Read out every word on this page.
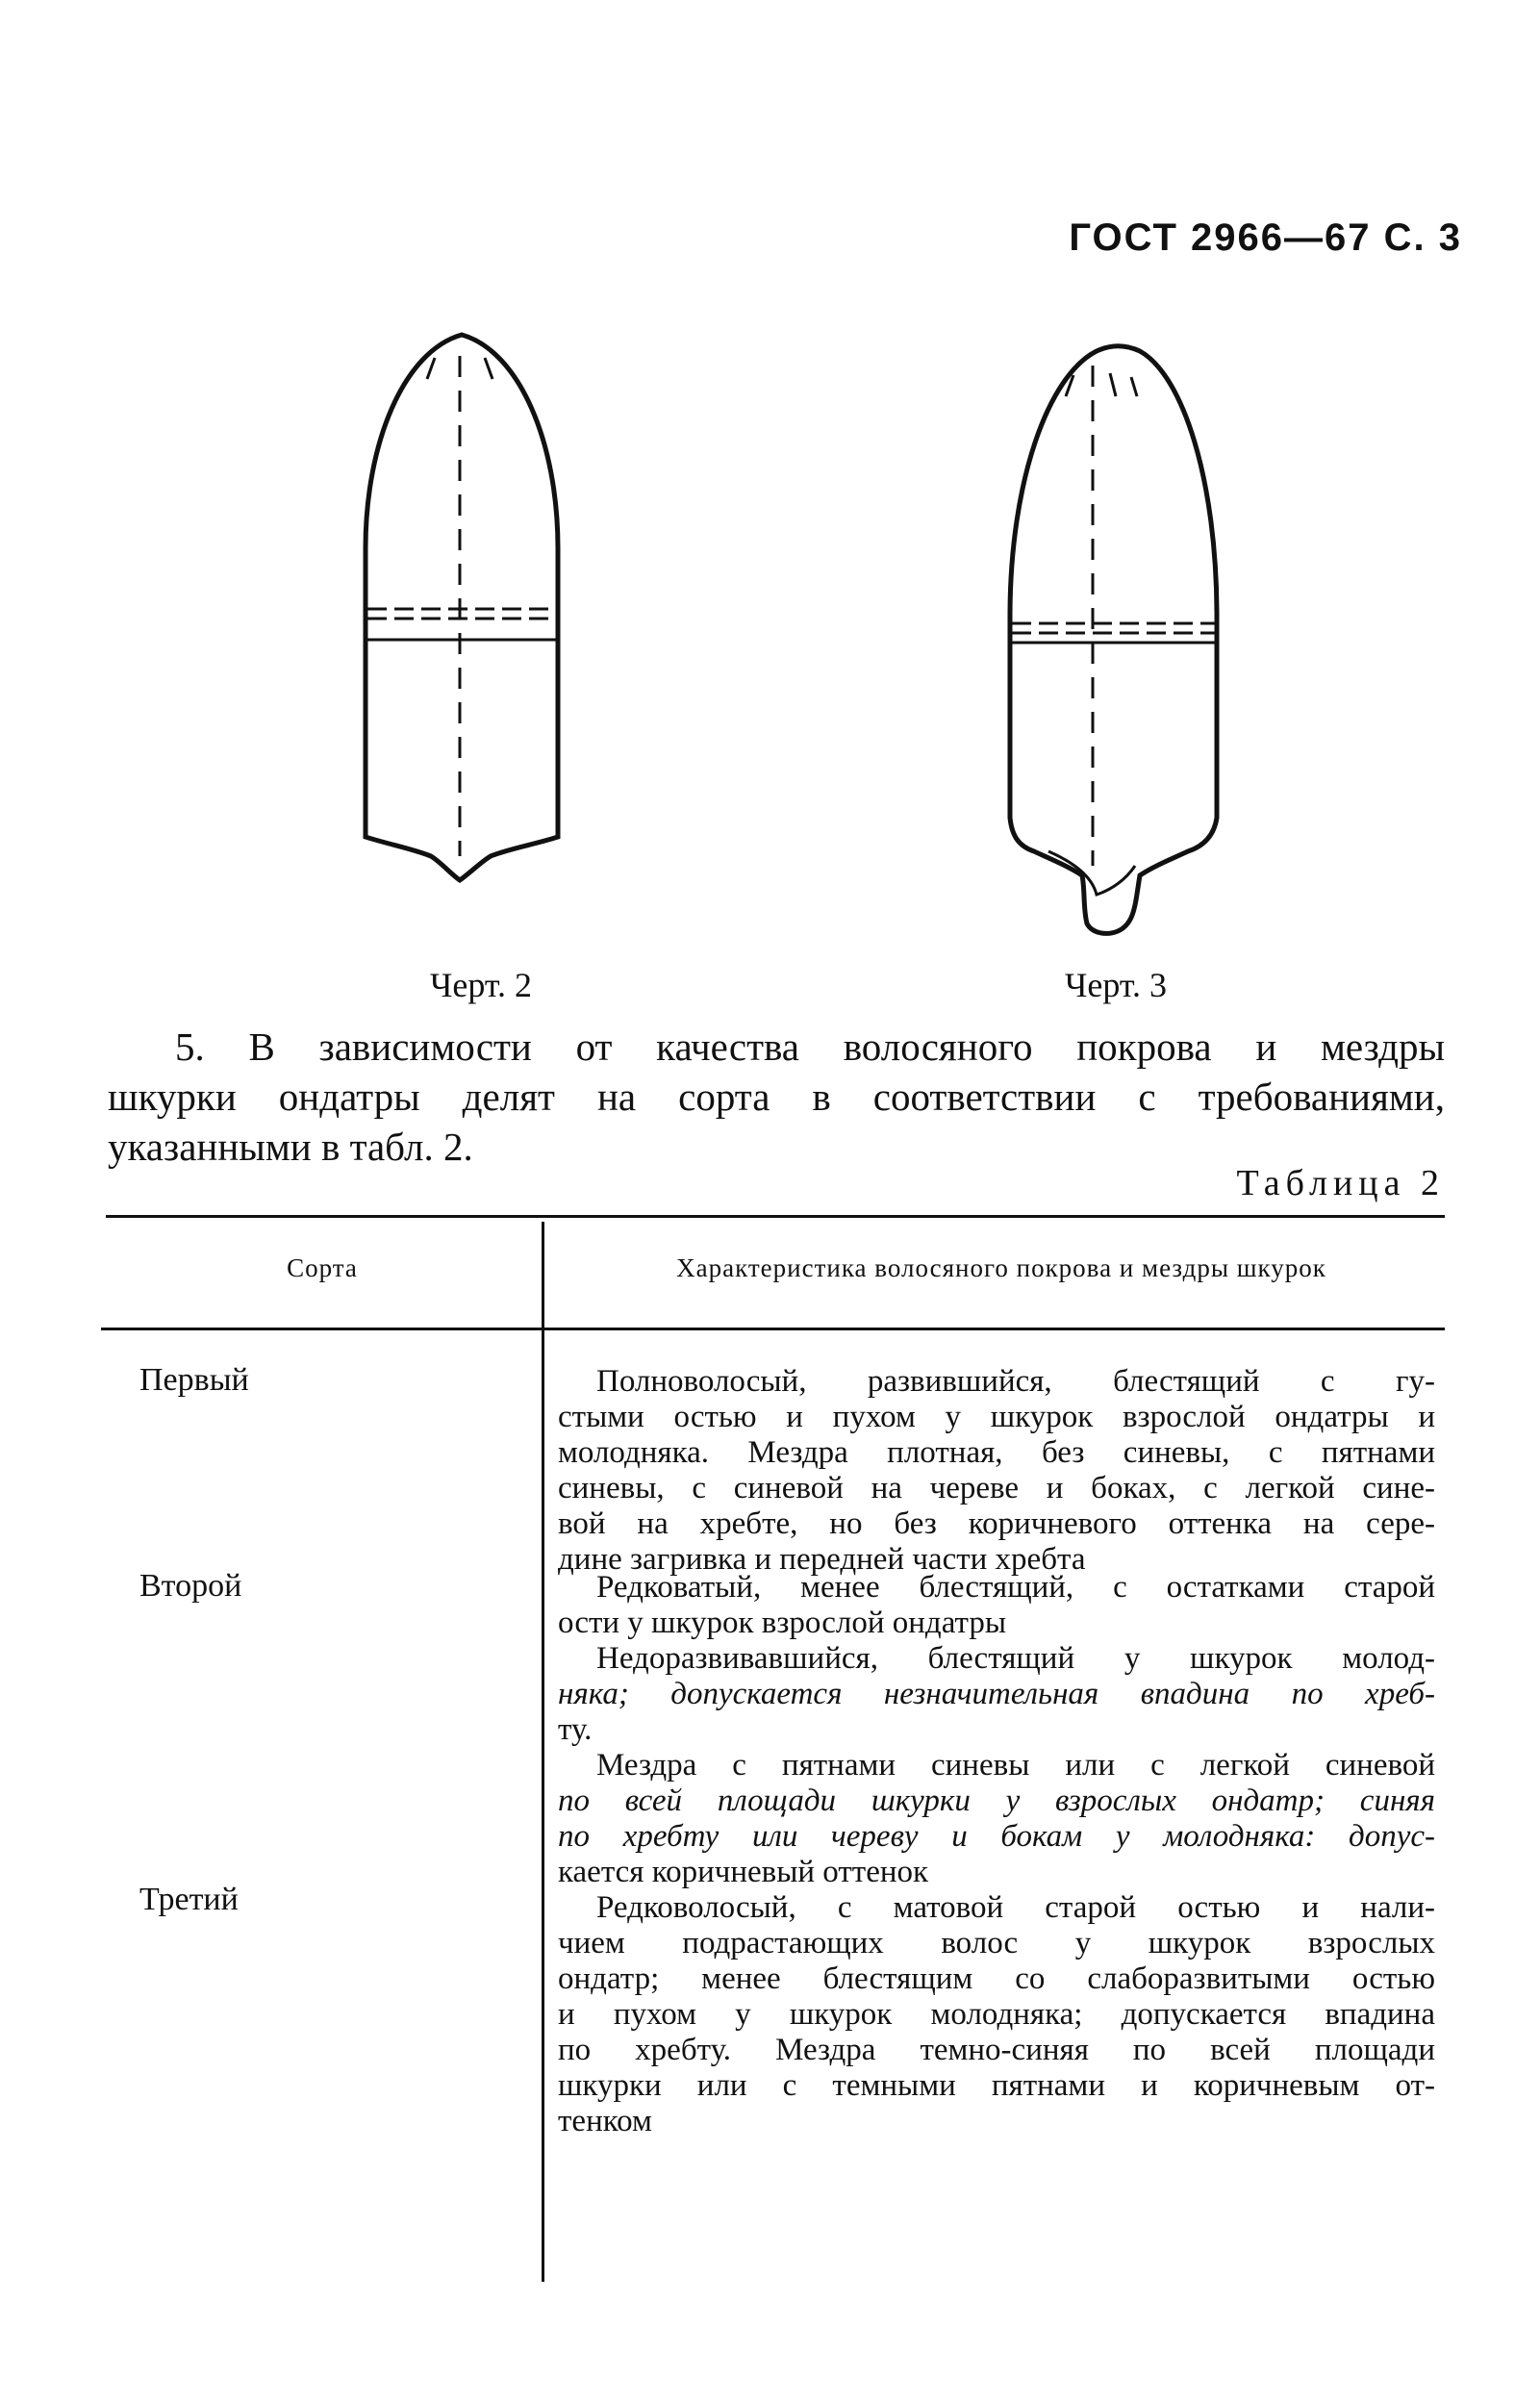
ГОСТ 2966—67 С. 3
Черт. 2	Черт. 3
5. В зависимости от качества волосяного покрова и мездры
шкурки ондатры делят на сорта в соответствии с требованиями,
указанными в табл. 2.
Таблица 2
Сорта	Характеристика волосяного покрова и мездры шкурок
Первый	Полноволосый, развившийся, блестящий с гу-
стыми остью и пухом у шкурок взрослой ондатры и
молодняка. Мездра плотная, без синевы, с пятнами
синевы, с синевой на череве и боках, с легкой сине-
вой на хребте, но без коричневого оттенка на сере-
дине загривка и передней части хребта
Второй	Редковатый, менее блестящий, с остатками старой
ости у шкурок взрослой ондатры
Недоразвивавшийся, блестящий у шкурок молод-
няка; допускается незначительная впадина по хреб-
ту.
Мездра с пятнами синевы или с легкой синевой
по всей площади шкурки у взрослых ондатр; синяя
по хребту или череву и бокам у молодняка: допус-
кается коричневый оттенок
Третий	Редковолосый, с матовой старой остью и нали-
чием подрастающих волос у шкурок взрослых
ондатр; менее блестящим со слаборазвитыми остью
и пухом у шкурок молодняка; допускается впадина
по хребту. Мездра темно-синяя по всей площади
шкурки или с темными пятнами и коричневым от-
тенком
